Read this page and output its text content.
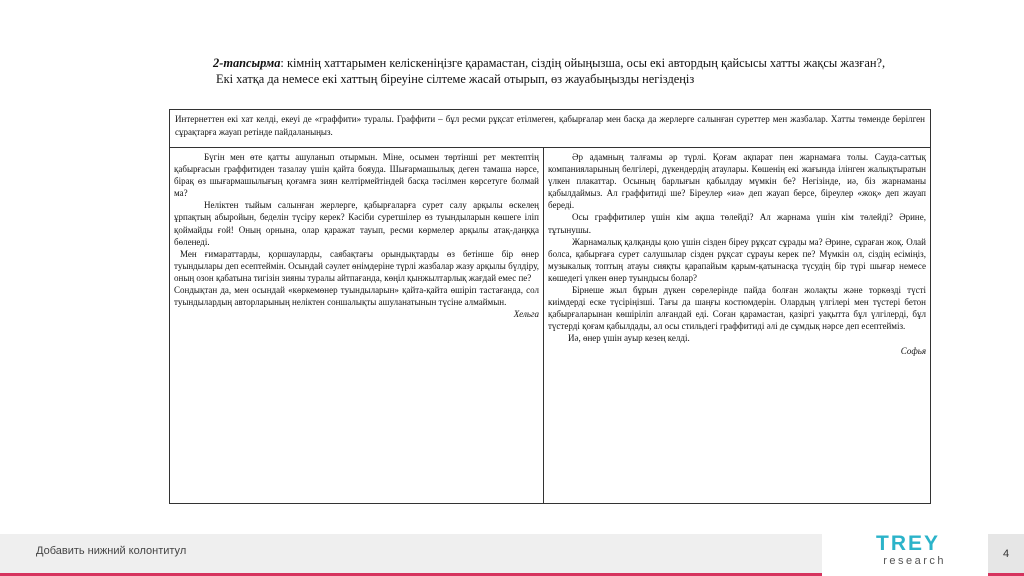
2-тапсырма: кімнің хаттарымен келіскеніңізге қарамастан, сіздің ойыңызша, осы екі автордың қайсысы хатты жақсы жазған?,
Екі хатқа да немесе екі хаттың біреуіне сілтеме жасай отырып, өз жауабыңызды негіздеңіз
Интернеттен екі хат келді, екеуі де «граффити» туралы. Граффити – бұл ресми рұқсат етілмеген, қабырғалар мен басқа да жерлерге салынған суреттер мен жазбалар. Хатты төменде берілген сұрақтарға жауап ретінде пайдаланыңыз.

Бүгін мен өте қатты ашуланып отырмын. Міне, осымен төртінші рет мектептің қабырғасын граффитиден тазалау үшін қайта бояуда. Шығармашылық деген тамаша нәрсе, бірақ өз шығармашылығың қоғамға зиян келтірмейтіндей басқа тәсілмен көрсетуге болмай ма?

Неліктен тыйым салынған жерлерге, қабырғаларға сурет салу арқылы өскелең ұрпақтың абыройын, беделін түсіру керек? Кәсіби суретшілер өз туындыларын көшеге іліп қоймайды ғой! Оның орнына, олар қаражат тауып, ресми көрмелер арқылы атақ-даңққа бөленеді.

Мен ғимараттарды, қоршауларды, саябақтағы орындықтарды өз бетінше бір өнер туындылары деп есептеймін. Осындай сәулет өнімдеріне түрлі жазбалар жазу арқылы бүлдіру, оның озон қабатына тигізін зияны туралы айтпағанда, көңіл қынжылтарлық жағдай емес пе?

Сондықтан да, мен осындай «көркемөнер туындыларын» қайта-қайта өшіріп тастағанда, сол туындылардың авторларының неліктен соншалықты ашуланатынын түсіне алмаймын.

Хельга

Әр адамның талғамы әр түрлі. Қоғам ақпарат пен жарнамаға толы. Сауда-саттық компанияларының белгілері, дүкендердің атаулары. Көшенің екі жағында ілінген жалықтыратын үлкен плакаттар. Осының барлығын қабылдау мүмкін бе? Негізінде, иә, біз жарнаманы қабылдаймыз. Ал граффитиді ше? Біреулер «иә» деп жауап берсе, біреулер «жоқ» деп жауап береді.

Осы граффитилер үшін кім ақша төлейді? Ал жарнама үшін кім төлейді? Әрине, тұтынушы.

Жарнамалық қалқанды қою үшін сізден біреу рұқсат сұрады ма? Әрине, сұраған жоқ. Олай болса, қабырғаға сурет салушылар сізден рұқсат сұрауы керек пе? Мүмкін ол, сіздің есіміңіз, музыкалық топтың атауы сияқты қарапайым қарым-қатынасқа түсудің бір түрі шығар немесе көшедегі үлкен өнер туындысы болар?

Бірнеше жыл бұрын дүкен сөрелерінде пайда болған жолақты және торкөзді түсті киімдерді еске түсіріңізші. Тағы да шаңғы костюмдерін. Олардың үлгілері мен түстері бетон қабырғаларынан көшіріліп алғандай еді. Соған қарамастан, қазіргі уақытта бұл үлгілерді, бұл түстерді қоғам қабылдады, ал осы стильдегі граффитиді әлі де сұмдық нәрсе деп есептейміз.

Иә, өнер үшін ауыр кезең келді.

Софья

Добавить нижний колонтитул	TREY
research
4
